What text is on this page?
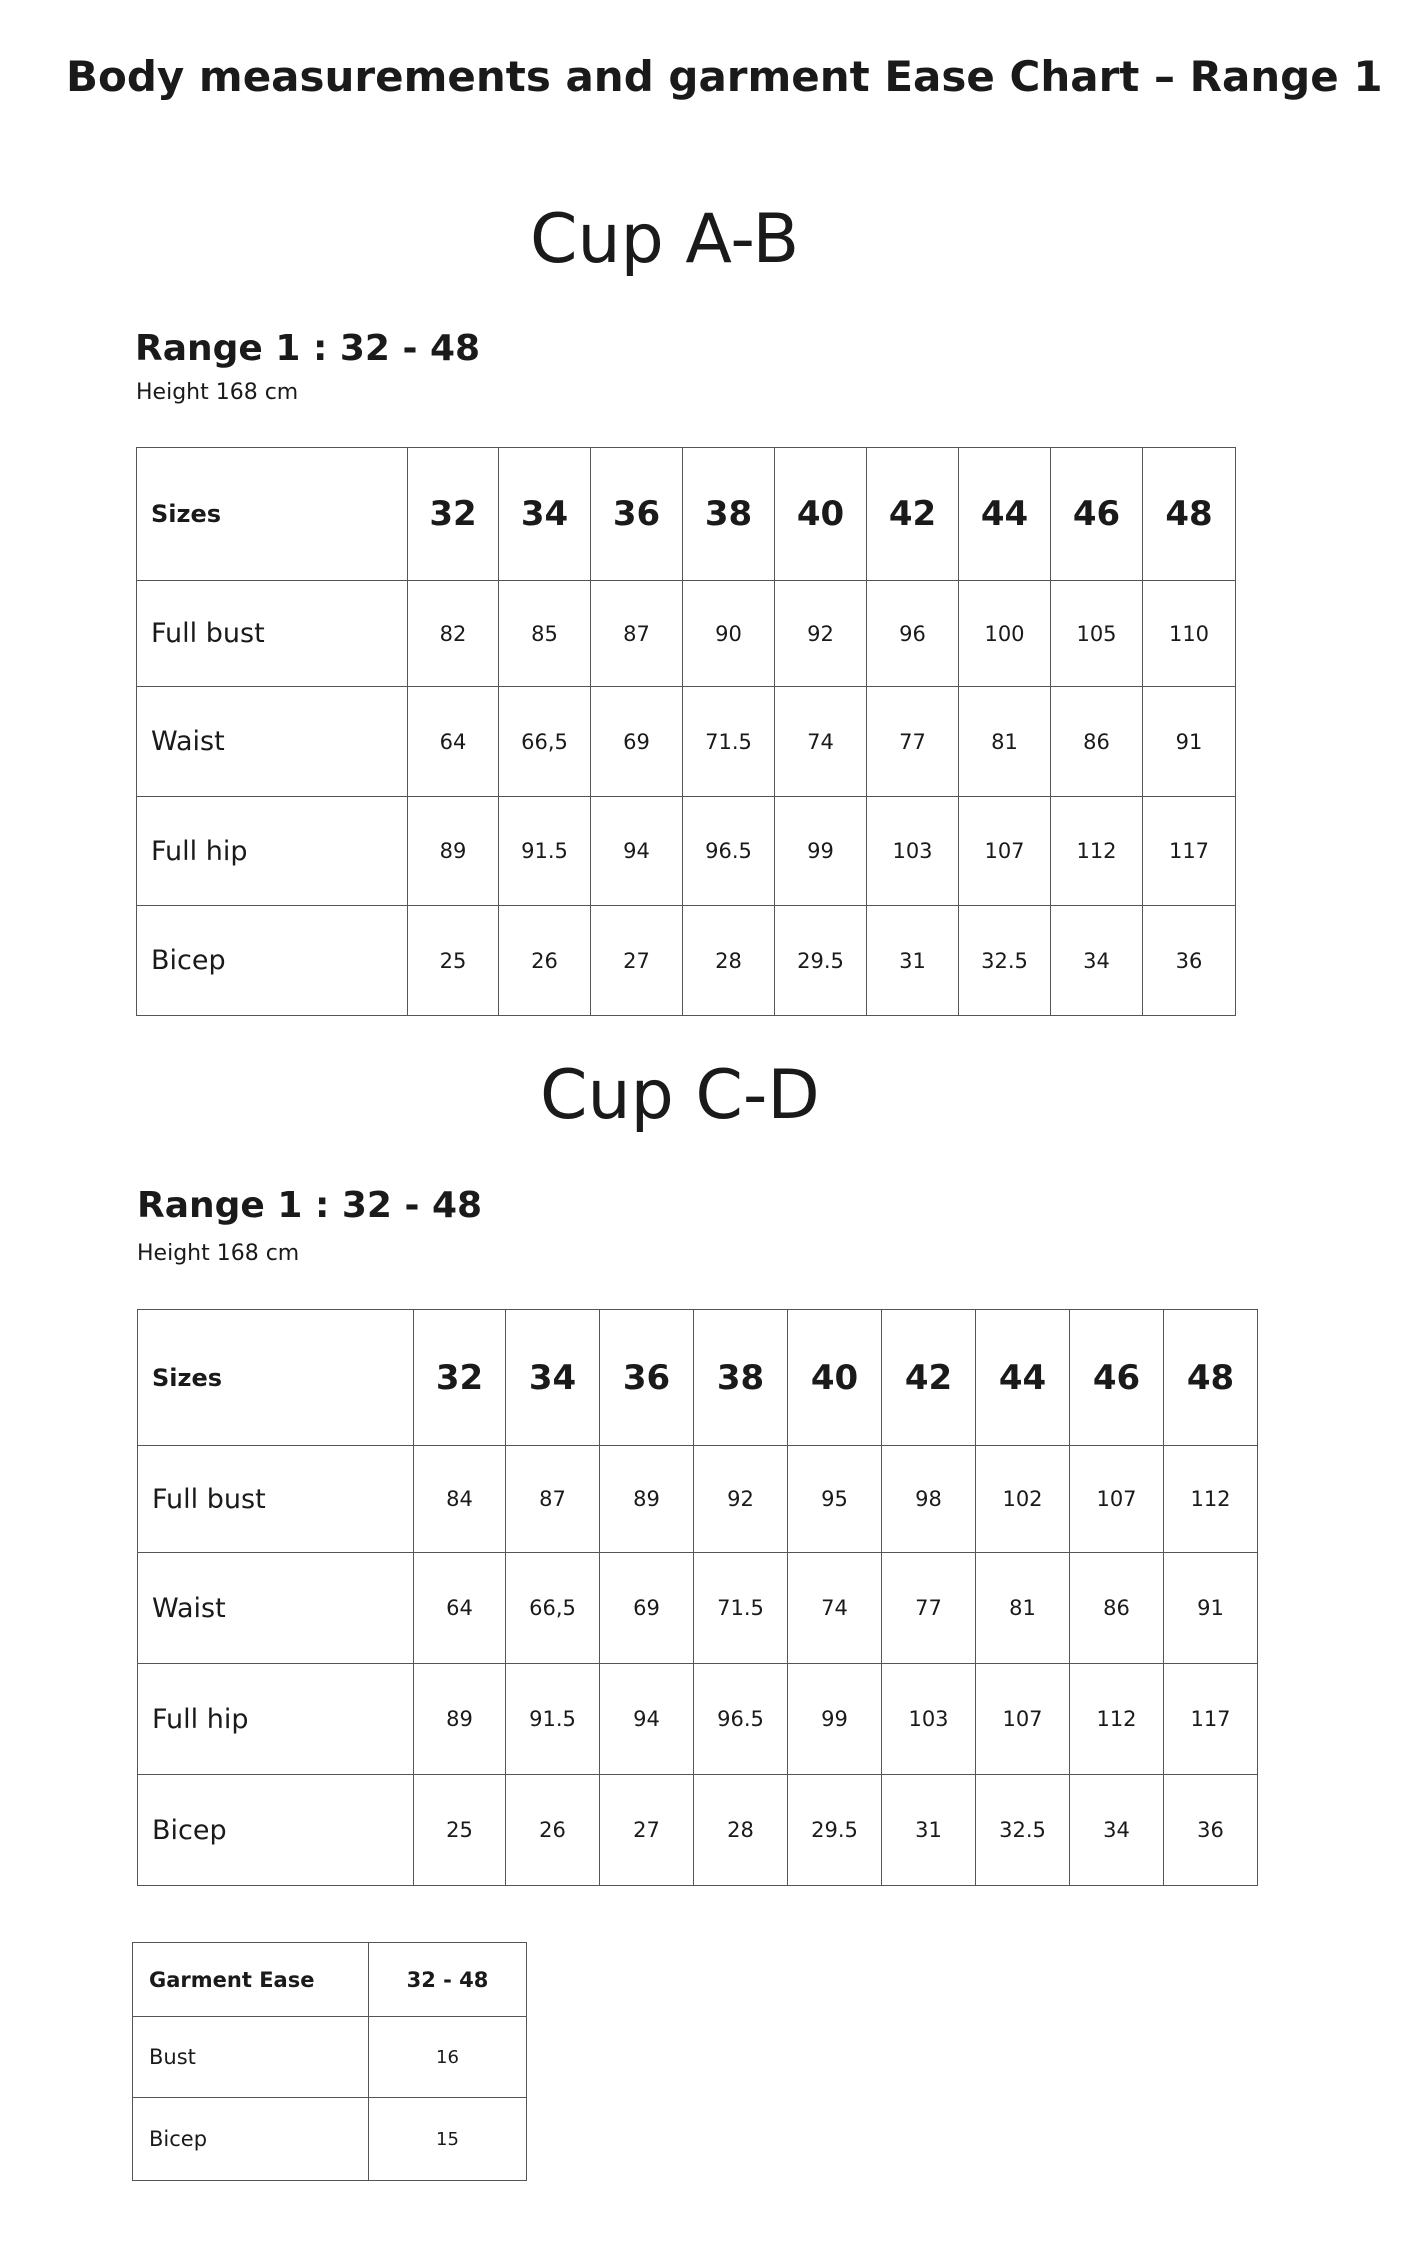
Body measurements and garment Ease Chart – Range 1
Cup A-B
Range 1 : 32 - 48

Height 168 cm

Sizes	32	34	36	38	40	42	44	46	48
Full bust	82	85	87	90	92	96	100	105	110
Waist	64	66,5	69	71.5	74	77	81	86	91
Full hip	89	91.5	94	96.5	99	103	107	112	117
Bicep	25	26	27	28	29.5	31	32.5	34	36
Cup C-D
Range 1 : 32 - 48

Height 168 cm

Sizes	32	34	36	38	40	42	44	46	48
Full bust	84	87	89	92	95	98	102	107	112
Waist	64	66,5	69	71.5	74	77	81	86	91
Full hip	89	91.5	94	96.5	99	103	107	112	117
Bicep	25	26	27	28	29.5	31	32.5	34	36
Garment Ease	32 - 48
Bust	16
Bicep	15
